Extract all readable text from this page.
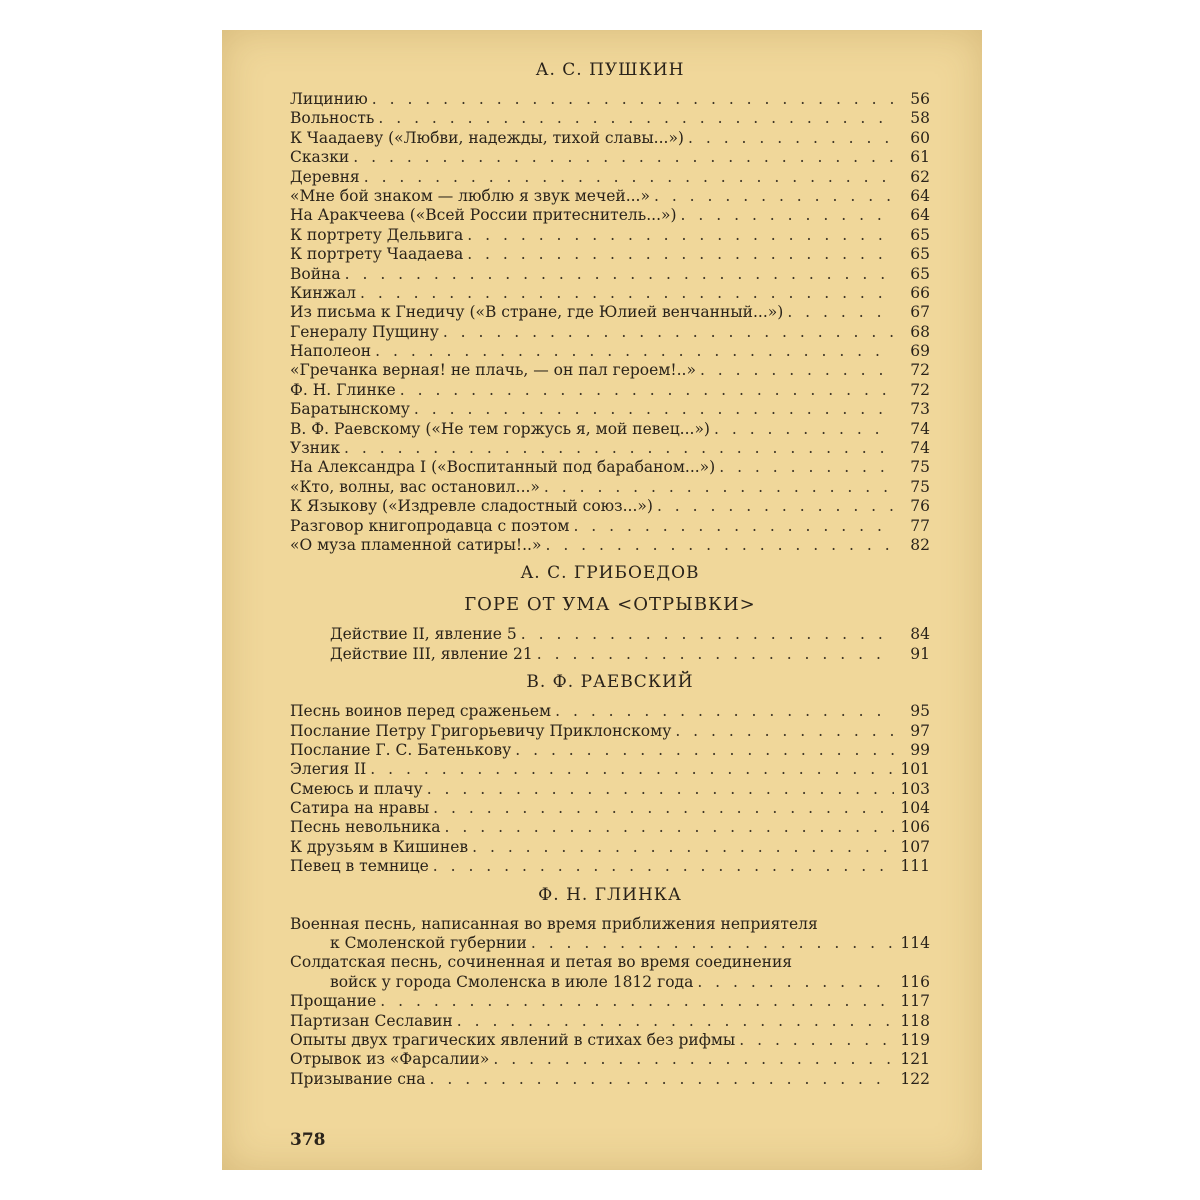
А. С. ПУШКИН
Лицинию . . .	56
Вольность . . .	58
К Чаадаеву («Любви, надежды, тихой славы...») . . .	60
Сказки . . .	61
Деревня . . .	62
«Мне бой знаком — люблю я звук мечей...» . . .	64
На Аракчеева («Всей России притеснитель...») . . .	64
К портрету Дельвига . . .	65
К портрету Чаадаева . . .	65
Война . . .	65
Кинжал . . .	66
Из письма к Гнедичу («В стране, где Юлией венчанный...») . . .	67
Генералу Пущину . . .	68
Наполеон . . .	69
«Гречанка верная! не плачь, — он пал героем!..» . . .	72
Ф. Н. Глинке . . .	72
Баратынскому . . .	73
В. Ф. Раевскому («Не тем горжусь я, мой певец...») . . .	74
Узник . . .	74
На Александра I («Воспитанный под барабаном...») . . .	75
«Кто, волны, вас остановил...» . . .	75
К Языкову («Издревле сладостный союз...») . . .	76
Разговор книгопродавца с поэтом . . .	77
«О муза пламенной сатиры!..» . . .	82
А. С. ГРИБОЕДОВ
ГОРЕ ОТ УМА <ОТРЫВКИ>
Действие II, явление 5 . . .	84
Действие III, явление 21 . . .	91
В. Ф. РАЕВСКИЙ
Песнь воинов перед сраженьем . . .	95
Послание Петру Григорьевичу Приклонскому . . .	97
Послание Г. С. Батенькову . . .	99
Элегия II . . .	101
Смеюсь и плачу . . .	103
Сатира на нравы . . .	104
Песнь невольника . . .	106
К друзьям в Кишинев . . .	107
Певец в темнице . . .	111
Ф. Н. ГЛИНКА
Военная песнь, написанная во время приближения неприятеля
к Смоленской губернии . . .	114
Солдатская песнь, сочиненная и петая во время соединения
войск у города Смоленска в июле 1812 года . . .	116
Прощание . . .	117
Партизан Сеславин . . .	118
Опыты двух трагических явлений в стихах без рифмы . . .	119
Отрывок из «Фарсалии» . . .	121
Призывание сна . . .	122
378
